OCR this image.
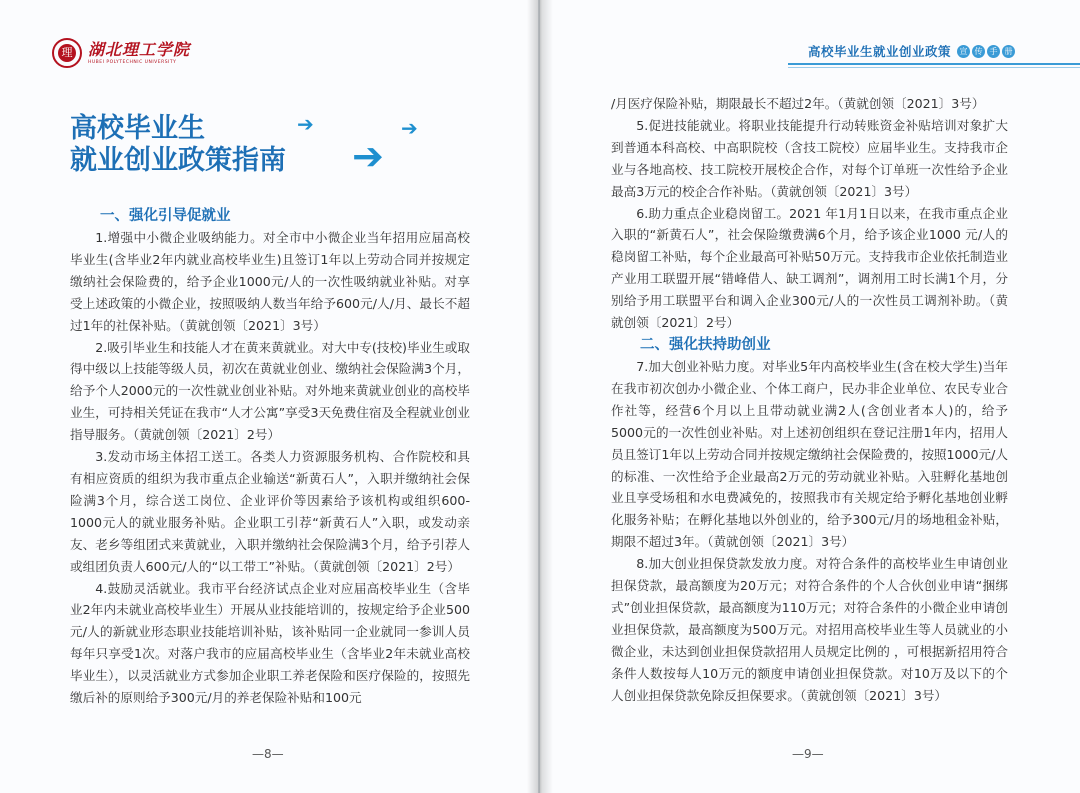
理 湖北理工学院
HUBEI POLYTECHNIC UNIVERSITY
高校毕业生
就业创业政策指南
➔	➔
➔
一、强化引导促就业

1.增强中小微企业吸纳能力。对全市中小微企业当年招用应届高校毕业生(含毕业2年内就业高校毕业生)且签订1年以上劳动合同并按规定缴纳社会保险费的，给予企业1000元/人的一次性吸纳就业补贴。对享受上述政策的小微企业，按照吸纳人数当年给予600元/人/月、最长不超过1年的社保补贴。（黄就创领〔2021〕3号）

2.吸引毕业生和技能人才在黄来黄就业。对大中专(技校)毕业生或取得中级以上技能等级人员，初次在黄就业创业、缴纳社会保险满3个月，给予个人2000元的一次性就业创业补贴。对外地来黄就业创业的高校毕业生，可持相关凭证在我市“人才公寓”享受3天免费住宿及全程就业创业指导服务。（黄就创领〔2021〕2号）

3.发动市场主体招工送工。各类人力资源服务机构、合作院校和具有相应资质的组织为我市重点企业输送“新黄石人”，入职并缴纳社会保险满3个月，综合送工岗位、企业评价等因素给予该机构或组织600-1000元人的就业服务补贴。企业职工引荐“新黄石人”入职，或发动亲友、老乡等组团式来黄就业，入职并缴纳社会保险满3个月，给予引荐人或组团负责人600元/人的“以工带工”补贴。（黄就创领〔2021〕2号）

4.鼓励灵活就业。我市平台经济试点企业对应届高校毕业生（含毕业2年内未就业高校毕业生）开展从业技能培训的，按规定给予企业500元/人的新就业形态职业技能培训补贴，该补贴同一企业就同一参训人员每年只享受1次。对落户我市的应届高校毕业生（含毕业2年未就业高校毕业生），以灵活就业方式参加企业职工养老保险和医疗保险的，按照先缴后补的原则给予300元/月的养老保险补贴和100元

—8—
高校毕业生就业创业政策	宣 传 手 册

/月医疗保险补贴，期限最长不超过2年。（黄就创领〔2021〕3号）

5.促进技能就业。将职业技能提升行动转账资金补贴培训对象扩大到普通本科高校、中高职院校（含技工院校）应届毕业生。支持我市企业与各地高校、技工院校开展校企合作，对每个订单班一次性给予企业最高3万元的校企合作补贴。（黄就创领〔2021〕3号）

6.助力重点企业稳岗留工。2021 年1月1日以来，在我市重点企业入职的“新黄石人”，社会保险缴费满6个月，给予该企业1000 元/人的稳岗留工补贴，每个企业最高可补贴50万元。支持我市企业依托制造业产业用工联盟开展“错峰借人、缺工调剂”，调剂用工时长满1个月，分别给予用工联盟平台和调入企业300元/人的一次性员工调剂补助。（黄就创领〔2021〕2号）

二、强化扶持助创业

7.加大创业补贴力度。对毕业5年内高校毕业生(含在校大学生)当年在我市初次创办小微企业、个体工商户，民办非企业单位、农民专业合作社等，经营6个月以上且带动就业满2人(含创业者本人)的，给予5000元的一次性创业补贴。对上述初创组织在登记注册1年内，招用人员且签订1年以上劳动合同并按规定缴纳社会保险费的，按照1000元/人的标准、一次性给予企业最高2万元的劳动就业补贴。入驻孵化基地创业且享受场租和水电费减免的，按照我市有关规定给予孵化基地创业孵化服务补贴；在孵化基地以外创业的，给予300元/月的场地租金补贴，期限不超过3年。（黄就创领〔2021〕3号）

8.加大创业担保贷款发放力度。对符合条件的高校毕业生申请创业担保贷款，最高额度为20万元；对符合条件的个人合伙创业申请“捆绑式”创业担保贷款，最高额度为110万元；对符合条件的小微企业申请创业担保贷款，最高额度为500万元。对招用高校毕业生等人员就业的小微企业，未达到创业担保贷款招用人员规定比例的 ，可根据新招用符合条件人数按每人10万元的额度申请创业担保贷款。对10万及以下的个人创业担保贷款免除反担保要求。（黄就创领〔2021〕3号）

—9—
